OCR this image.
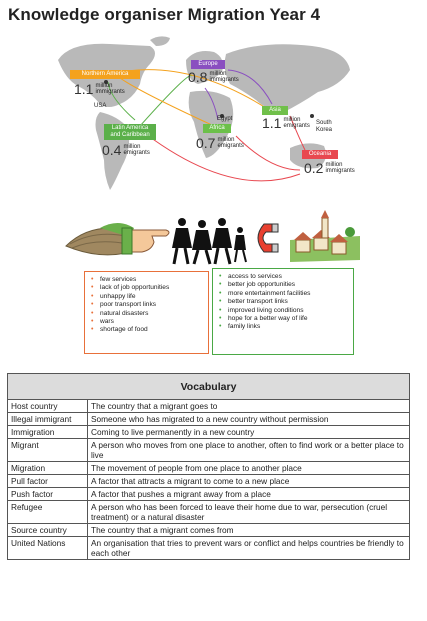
Knowledge organiser Migration Year 4
Northern America
Europe
Asia
Latin America and Caribbean
Africa
Oceania
USA
Egypt
South Korea
1.1 million immigrants
0.8 million immigrants
1.1 million emigrants
0.4 million emigrants
0.7 million emigrants
0.2 million immigrants
• few services
• lack of job opportunities
• unhappy life
• poor transport links
• natural disasters
• wars
• shortage of food
• access to services
• better job opportunities
• more entertainment facilities
• better transport links
• improved living conditions
• hope for a better way of life
• family links
Vocabulary	
Host country	The country that a migrant goes to
Illegal immigrant	Someone who has migrated to a new country without permission
Immigration	Coming to live permanently in a new country
Migrant	A person who moves from one place to another, often to find work or a better place to live
Migration	The movement of people from one place to another place
Pull factor	A factor that attracts a migrant to come to a new place
Push factor	A factor that pushes a migrant away from a place
Refugee	A person who has been forced to leave their home due to war, persecution (cruel treatment) or a natural disaster
Source country	The country that a migrant comes from
United Nations	An organisation that tries to prevent wars or conflict and helps countries be friendly to each other
